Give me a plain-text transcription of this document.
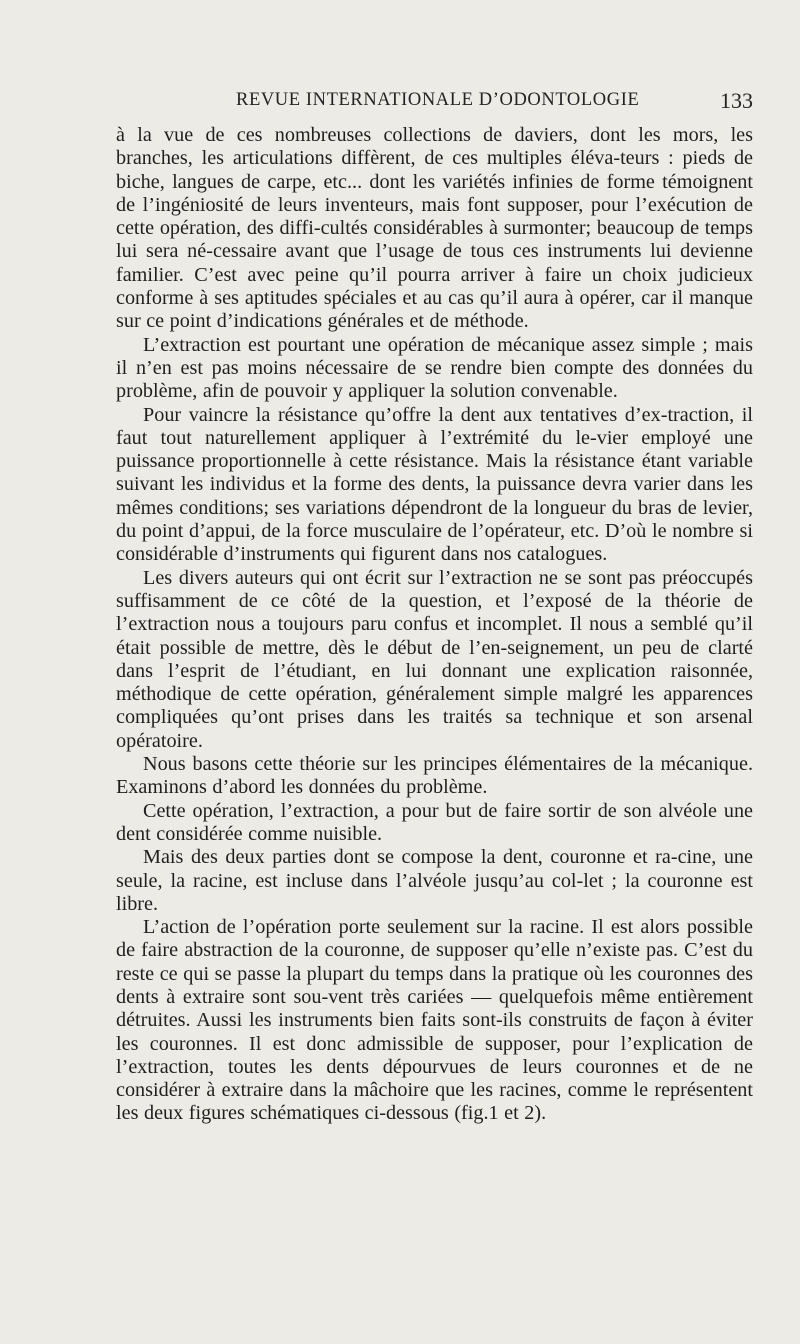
REVUE INTERNATIONALE D’ODONTOLOGIE	133

à la vue de ces nombreuses collections de daviers, dont les mors, les branches, les articulations diffèrent, de ces multiples éléva-teurs : pieds de biche, langues de carpe, etc... dont les variétés infinies de forme témoignent de l’ingéniosité de leurs inventeurs, mais font supposer, pour l’exécution de cette opération, des diffi-cultés considérables à surmonter; beaucoup de temps lui sera né-cessaire avant que l’usage de tous ces instruments lui devienne familier. C’est avec peine qu’il pourra arriver à faire un choix judicieux conforme à ses aptitudes spéciales et au cas qu’il aura à opérer, car il manque sur ce point d’indications générales et de méthode.

L’extraction est pourtant une opération de mécanique assez simple ; mais il n’en est pas moins nécessaire de se rendre bien compte des données du problème, afin de pouvoir y appliquer la solution convenable.

Pour vaincre la résistance qu’offre la dent aux tentatives d’ex-traction, il faut tout naturellement appliquer à l’extrémité du le-vier employé une puissance proportionnelle à cette résistance. Mais la résistance étant variable suivant les individus et la forme des dents, la puissance devra varier dans les mêmes conditions; ses variations dépendront de la longueur du bras de levier, du point d’appui, de la force musculaire de l’opérateur, etc. D’où le nombre si considérable d’instruments qui figurent dans nos catalogues.

Les divers auteurs qui ont écrit sur l’extraction ne se sont pas préoccupés suffisamment de ce côté de la question, et l’exposé de la théorie de l’extraction nous a toujours paru confus et incomplet. Il nous a semblé qu’il était possible de mettre, dès le début de l’en-seignement, un peu de clarté dans l’esprit de l’étudiant, en lui donnant une explication raisonnée, méthodique de cette opération, généralement simple malgré les apparences compliquées qu’ont prises dans les traités sa technique et son arsenal opératoire.

Nous basons cette théorie sur les principes élémentaires de la mécanique. Examinons d’abord les données du problème.

Cette opération, l’extraction, a pour but de faire sortir de son alvéole une dent considérée comme nuisible.

Mais des deux parties dont se compose la dent, couronne et ra-cine, une seule, la racine, est incluse dans l’alvéole jusqu’au col-let ; la couronne est libre.

L’action de l’opération porte seulement sur la racine. Il est alors possible de faire abstraction de la couronne, de supposer qu’elle n’existe pas. C’est du reste ce qui se passe la plupart du temps dans la pratique où les couronnes des dents à extraire sont sou-vent très cariées — quelquefois même entièrement détruites. Aussi les instruments bien faits sont-ils construits de façon à éviter les couronnes. Il est donc admissible de supposer, pour l’explication de l’extraction, toutes les dents dépourvues de leurs couronnes et de ne considérer à extraire dans la mâchoire que les racines, comme le représentent les deux figures schématiques ci-dessous (fig.1 et 2).
